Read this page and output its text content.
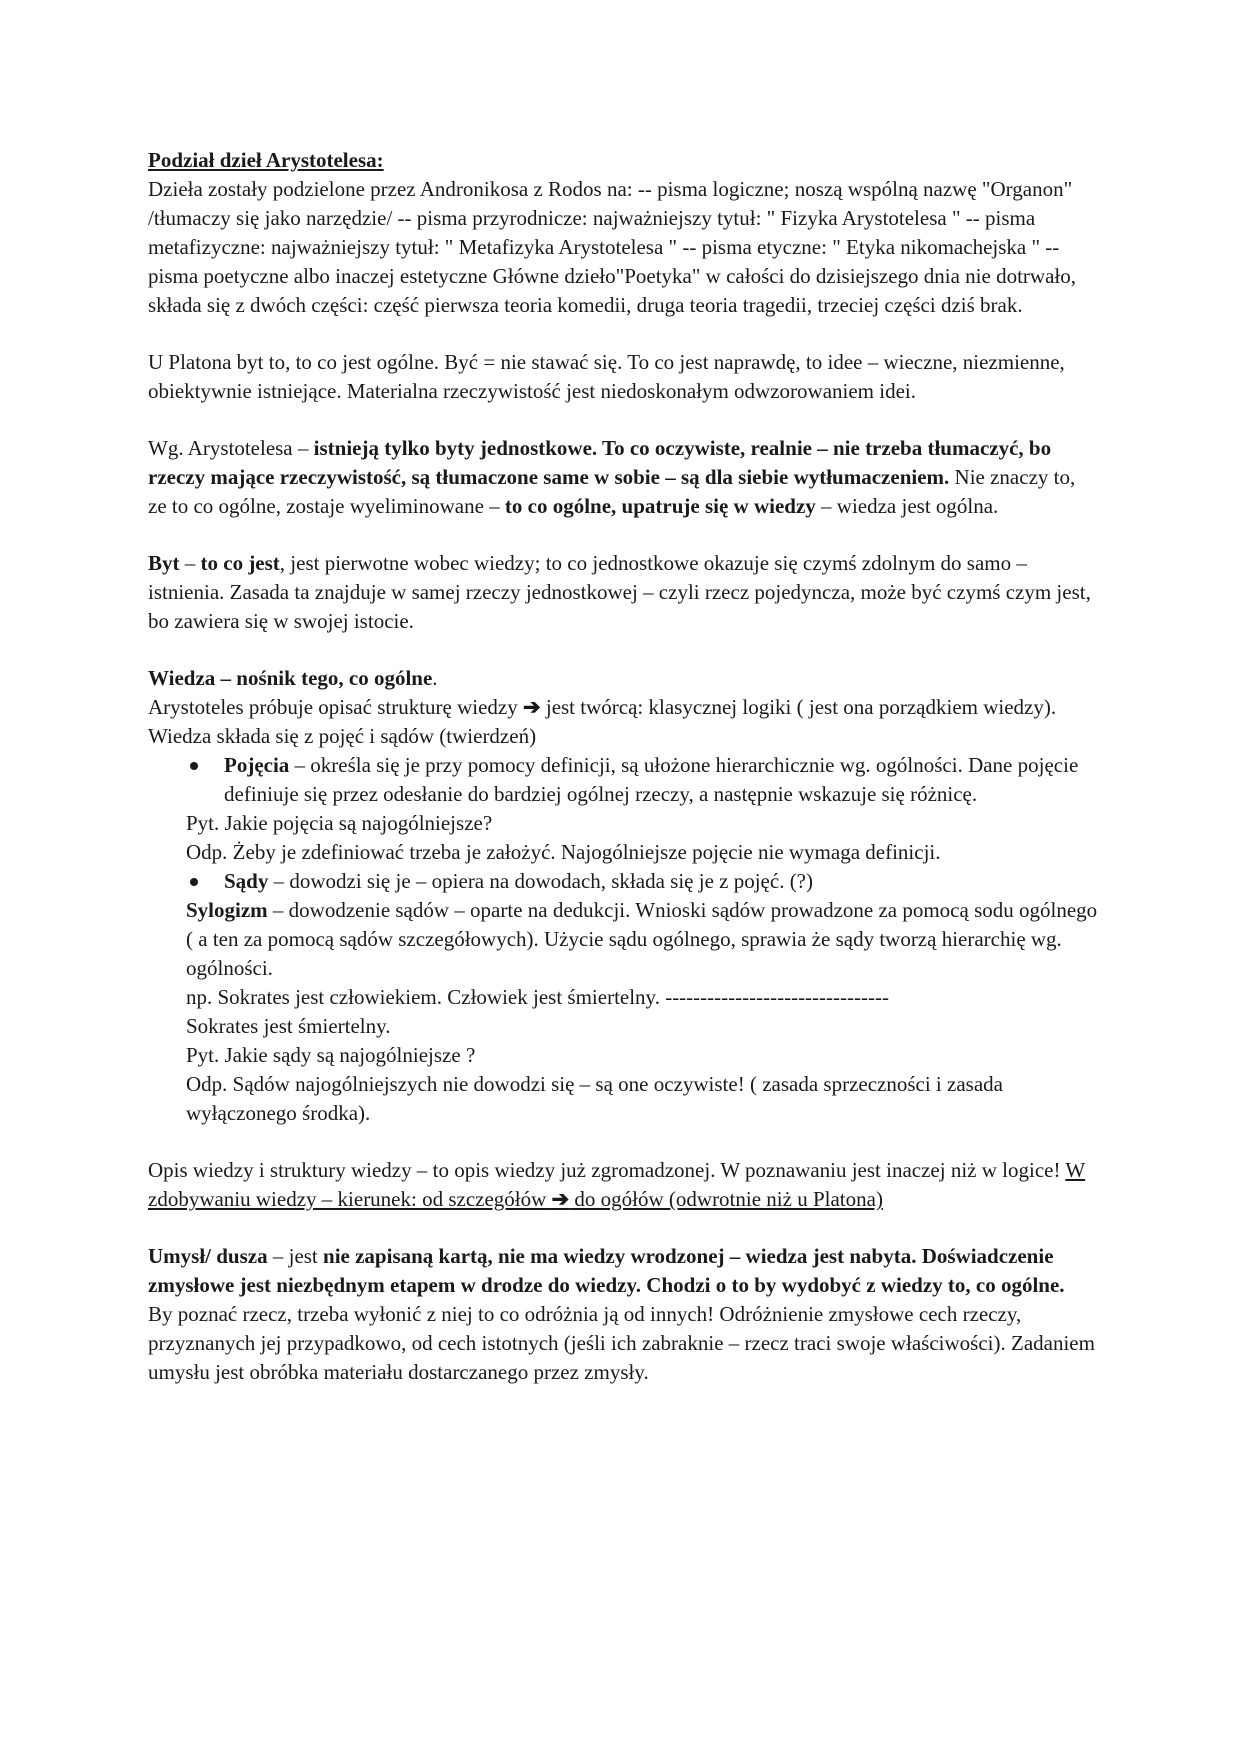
Podział dzieł Arystotelesa:

Dzieła zostały podzielone przez Andronikosa z Rodos na: -- pisma logiczne; noszą wspólną nazwę "Organon" /tłumaczy się jako narzędzie/ -- pisma przyrodnicze: najważniejszy tytuł: " Fizyka Arystotelesa " -- pisma metafizyczne: najważniejszy tytuł: " Metafizyka Arystotelesa " -- pisma etyczne: " Etyka nikomachejska " -- pisma poetyczne albo inaczej estetyczne Główne dzieło"Poetyka" w całości do dzisiejszego dnia nie dotrwało, składa się z dwóch części: część pierwsza teoria komedii, druga teoria tragedii, trzeciej części dziś brak.

U Platona byt to, to co jest ogólne. Być = nie stawać się. To co jest naprawdę, to idee – wieczne, niezmienne, obiektywnie istniejące. Materialna rzeczywistość jest niedoskonałym odwzorowaniem idei.

Wg. Arystotelesa – istnieją tylko byty jednostkowe. To co oczywiste, realnie – nie trzeba tłumaczyć, bo rzeczy mające rzeczywistość, są tłumaczone same w sobie – są dla siebie wytłumaczeniem. Nie znaczy to, ze to co ogólne, zostaje wyeliminowane – to co ogólne, upatruje się w wiedzy – wiedza jest ogólna.

Byt – to co jest, jest pierwotne wobec wiedzy; to co jednostkowe okazuje się czymś zdolnym do samo –istnienia. Zasada ta znajduje w samej rzeczy jednostkowej – czyli rzecz pojedyncza, może być czymś czym jest, bo zawiera się w swojej istocie.

Wiedza – nośnik tego, co ogólne.

Arystoteles próbuje opisać strukturę wiedzy ➔ jest twórcą: klasycznej logiki ( jest ona porządkiem wiedzy).

Wiedza składa się z pojęć i sądów (twierdzeń)

Pojęcia – określa się je przy pomocy definicji, są ułożone hierarchicznie wg. ogólności. Dane pojęcie definiuje się przez odesłanie do bardziej ogólnej rzeczy, a następnie wskazuje się różnicę.

Pyt. Jakie pojęcia są najogólniejsze?

Odp. Żeby je zdefiniować trzeba je założyć. Najogólniejsze pojęcie nie wymaga definicji.

Sądy – dowodzi się je – opiera na dowodach, składa się je z pojęć. (?)

Sylogizm – dowodzenie sądów – oparte na dedukcji. Wnioski sądów prowadzone za pomocą sodu ogólnego ( a ten za pomocą sądów szczegółowych). Użycie sądu ogólnego, sprawia że sądy tworzą hierarchię wg. ogólności.

np. Sokrates jest człowiekiem. Człowiek jest śmiertelny. --------------------------------

Sokrates jest śmiertelny.

Pyt. Jakie sądy są najogólniejsze ?

Odp. Sądów najogólniejszych nie dowodzi się – są one oczywiste! ( zasada sprzeczności i zasada wyłączonego środka).

Opis wiedzy i struktury wiedzy – to opis wiedzy już zgromadzonej. W poznawaniu jest inaczej niż w logice! W zdobywaniu wiedzy – kierunek: od szczegółów ➔ do ogółów (odwrotnie niż u Platona)

Umysł/ dusza – jest nie zapisaną kartą, nie ma wiedzy wrodzonej – wiedza jest nabyta. Doświadczenie zmysłowe jest niezbędnym etapem w drodze do wiedzy. Chodzi o to by wydobyć z wiedzy to, co ogólne.

By poznać rzecz, trzeba wyłonić z niej to co odróżnia ją od innych! Odróżnienie zmysłowe cech rzeczy, przyznanych jej przypadkowo, od cech istotnych (jeśli ich zabraknie – rzecz traci swoje właściwości). Zadaniem umysłu jest obróbka materiału dostarczanego przez zmysły.
